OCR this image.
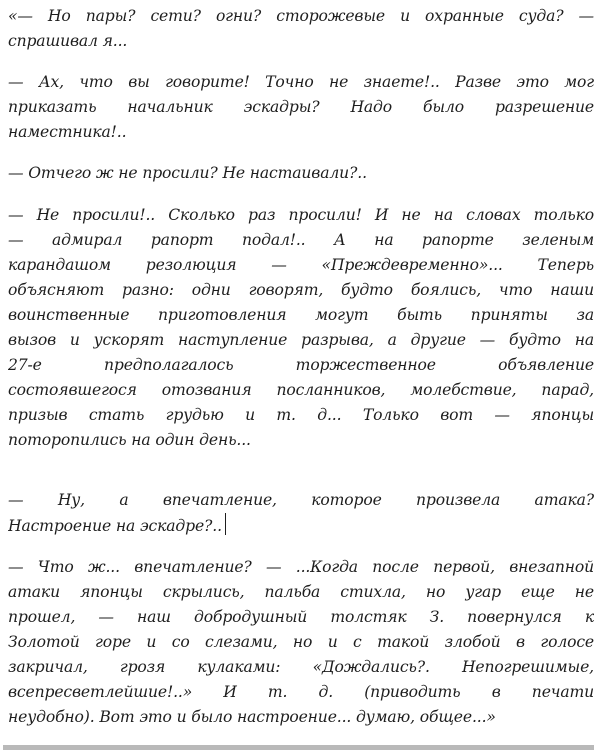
«— Но пары? сети? огни? сторожевые и охранные суда? —
спрашивал я...

— Ах, что вы говорите! Точно не знаете!.. Разве это мог
приказать начальник эскадры? Надо было разрешение
наместника!..

— Отчего ж не просили? Не настаивали?..

— Не просили!.. Сколько раз просили! И не на словах только
— адмирал рапорт подал!.. А на рапорте зеленым
карандашом резолюция — «Преждевременно»... Теперь
объясняют разно: одни говорят, будто боялись, что наши
воинственные приготовления могут быть приняты за
вызов и ускорят наступление разрыва, а другие — будто на
27-е предполагалось торжественное объявление
состоявшегося отозвания посланников, молебствие, парад,
призыв стать грудью и т. д... Только вот — японцы
поторопились на один день...

— Ну, а впечатление, которое произвела атака?
Настроение на эскадре?..

— Что ж... впечатление? — ...Когда после первой, внезапной
атаки японцы скрылись, пальба стихла, но угар еще не
прошел, — наш добродушный толстяк З. повернулся к
Золотой горе и со слезами, но и с такой злобой в голосе
закричал, грозя кулаками: «Дождались?. Непогрешимые,
всепресветлейшие!..» И т. д. (приводить в печати
неудобно). Вот это и было настроение... думаю, общее...»
